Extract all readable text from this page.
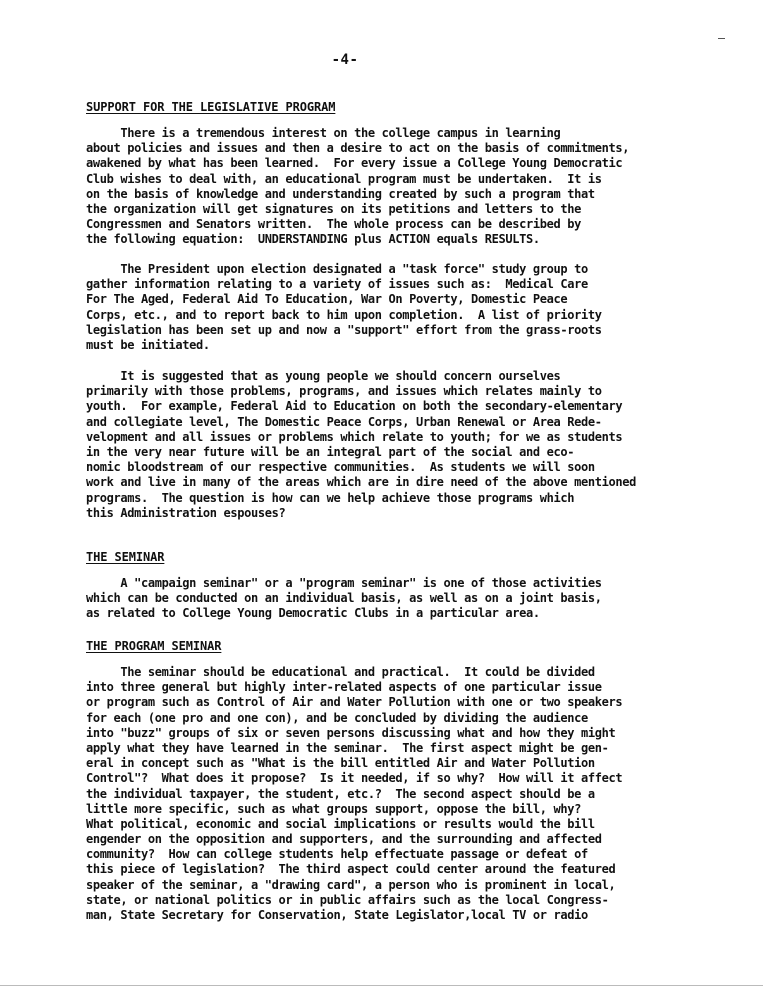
-4-
SUPPORT FOR THE LEGISLATIVE PROGRAM
There is a tremendous interest on the college campus in learning
about policies and issues and then a desire to act on the basis of commitments,
awakened by what has been learned.  For every issue a College Young Democratic
Club wishes to deal with, an educational program must be undertaken.  It is
on the basis of knowledge and understanding created by such a program that
the organization will get signatures on its petitions and letters to the
Congressmen and Senators written.  The whole process can be described by
the following equation:  UNDERSTANDING plus ACTION equals RESULTS.
The President upon election designated a "task force" study group to
gather information relating to a variety of issues such as:  Medical Care
For The Aged, Federal Aid To Education, War On Poverty, Domestic Peace
Corps, etc., and to report back to him upon completion.  A list of priority
legislation has been set up and now a "support" effort from the grass-roots
must be initiated.
It is suggested that as young people we should concern ourselves
primarily with those problems, programs, and issues which relates mainly to
youth.  For example, Federal Aid to Education on both the secondary-elementary
and collegiate level, The Domestic Peace Corps, Urban Renewal or Area Rede-
velopment and all issues or problems which relate to youth; for we as students
in the very near future will be an integral part of the social and eco-
nomic bloodstream of our respective communities.  As students we will soon
work and live in many of the areas which are in dire need of the above mentioned
programs.  The question is how can we help achieve those programs which
this Administration espouses?
THE SEMINAR
A "campaign seminar" or a "program seminar" is one of those activities
which can be conducted on an individual basis, as well as on a joint basis,
as related to College Young Democratic Clubs in a particular area.
THE PROGRAM SEMINAR
The seminar should be educational and practical.  It could be divided
into three general but highly inter-related aspects of one particular issue
or program such as Control of Air and Water Pollution with one or two speakers
for each (one pro and one con), and be concluded by dividing the audience
into "buzz" groups of six or seven persons discussing what and how they might
apply what they have learned in the seminar.  The first aspect might be gen-
eral in concept such as "What is the bill entitled Air and Water Pollution
Control"?  What does it propose?  Is it needed, if so why?  How will it affect
the individual taxpayer, the student, etc.?  The second aspect should be a
little more specific, such as what groups support, oppose the bill, why?
What political, economic and social implications or results would the bill
engender on the opposition and supporters, and the surrounding and affected
community?  How can college students help effectuate passage or defeat of
this piece of legislation?  The third aspect could center around the featured
speaker of the seminar, a "drawing card", a person who is prominent in local,
state, or national politics or in public affairs such as the local Congress-
man, State Secretary for Conservation, State Legislator,local TV or radio
